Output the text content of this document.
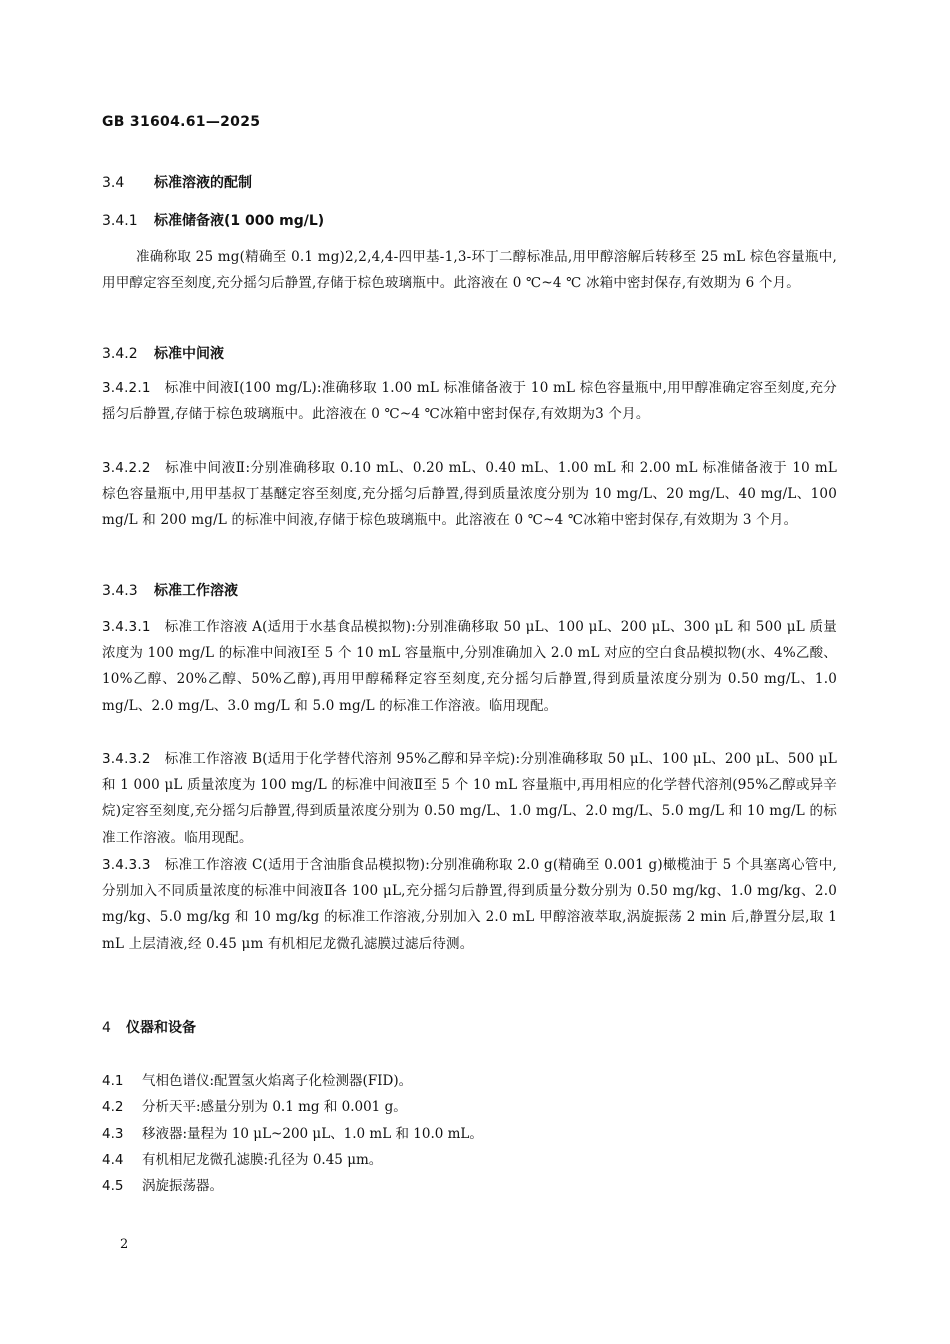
GB 31604.61—2025
3.4 标准溶液的配制
3.4.1 标准储备液(1 000 mg/L)
准确称取 25 mg(精确至 0.1 mg)2,2,4,4-四甲基-1,3-环丁二醇标准品,用甲醇溶解后转移至 25 mL 棕色容量瓶中,用甲醇定容至刻度,充分摇匀后静置,存储于棕色玻璃瓶中。此溶液在 0 ℃~4 ℃ 冰箱中密封保存,有效期为 6 个月。
3.4.2 标准中间液
3.4.2.1 标准中间液Ⅰ(100 mg/L):准确移取 1.00 mL 标准储备液于 10 mL 棕色容量瓶中,用甲醇准确定容至刻度,充分摇匀后静置,存储于棕色玻璃瓶中。此溶液在 0 ℃~4 ℃冰箱中密封保存,有效期为3 个月。
3.4.2.2 标准中间液Ⅱ:分别准确移取 0.10 mL、0.20 mL、0.40 mL、1.00 mL 和 2.00 mL 标准储备液于 10 mL 棕色容量瓶中,用甲基叔丁基醚定容至刻度,充分摇匀后静置,得到质量浓度分别为 10 mg/L、20 mg/L、40 mg/L、100 mg/L 和 200 mg/L 的标准中间液,存储于棕色玻璃瓶中。此溶液在 0 ℃~4 ℃冰箱中密封保存,有效期为 3 个月。
3.4.3 标准工作溶液
3.4.3.1 标准工作溶液 A(适用于水基食品模拟物):分别准确移取 50 μL、100 μL、200 μL、300 μL 和 500 μL 质量浓度为 100 mg/L 的标准中间液Ⅰ至 5 个 10 mL 容量瓶中,分别准确加入 2.0 mL 对应的空白食品模拟物(水、4%乙酸、10%乙醇、20%乙醇、50%乙醇),再用甲醇稀释定容至刻度,充分摇匀后静置,得到质量浓度分别为 0.50 mg/L、1.0 mg/L、2.0 mg/L、3.0 mg/L 和 5.0 mg/L 的标准工作溶液。临用现配。
3.4.3.2 标准工作溶液 B(适用于化学替代溶剂 95%乙醇和异辛烷):分别准确移取 50 μL、100 μL、200 μL、500 μL 和 1 000 μL 质量浓度为 100 mg/L 的标准中间液Ⅱ至 5 个 10 mL 容量瓶中,再用相应的化学替代溶剂(95%乙醇或异辛烷)定容至刻度,充分摇匀后静置,得到质量浓度分别为 0.50 mg/L、1.0 mg/L、2.0 mg/L、5.0 mg/L 和 10 mg/L 的标准工作溶液。临用现配。
3.4.3.3 标准工作溶液 C(适用于含油脂食品模拟物):分别准确称取 2.0 g(精确至 0.001 g)橄榄油于 5 个具塞离心管中,分别加入不同质量浓度的标准中间液Ⅱ各 100 μL,充分摇匀后静置,得到质量分数分别为 0.50 mg/kg、1.0 mg/kg、2.0 mg/kg、5.0 mg/kg 和 10 mg/kg 的标准工作溶液,分别加入 2.0 mL 甲醇溶液萃取,涡旋振荡 2 min 后,静置分层,取 1 mL 上层清液,经 0.45 μm 有机相尼龙微孔滤膜过滤后待测。
4 仪器和设备
4.1 气相色谱仪:配置氢火焰离子化检测器(FID)。
4.2 分析天平:感量分别为 0.1 mg 和 0.001 g。
4.3 移液器:量程为 10 μL~200 μL、1.0 mL 和 10.0 mL。
4.4 有机相尼龙微孔滤膜:孔径为 0.45 μm。
4.5 涡旋振荡器。
2
